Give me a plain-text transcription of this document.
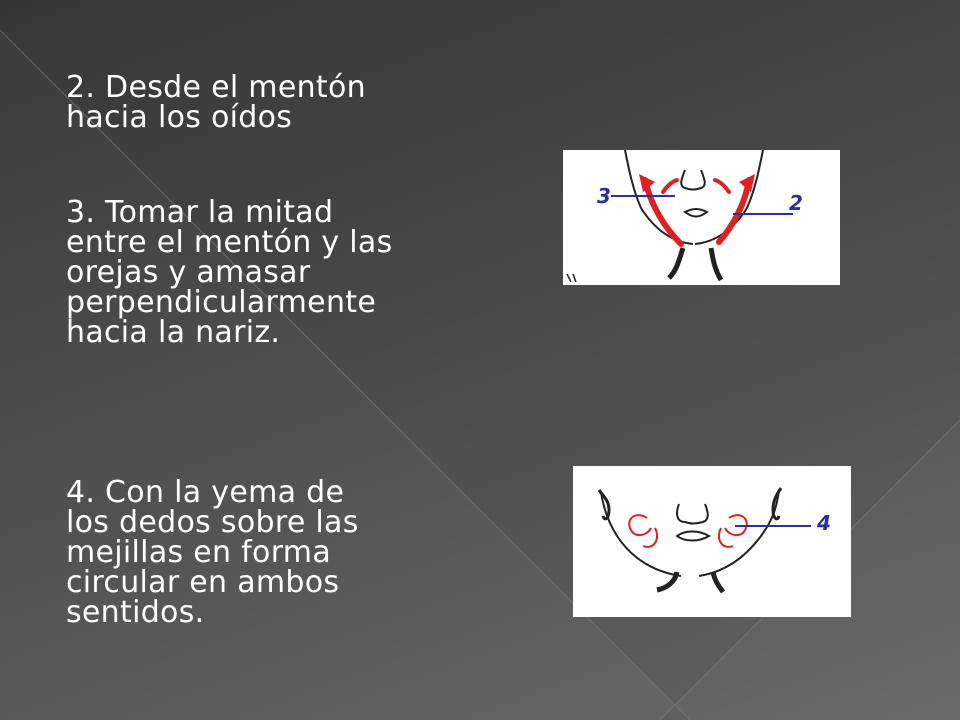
2. Desde el mentón
hacia los oídos

3. Tomar la mitad
entre el mentón y las
orejas y amasar
perpendicularmente
hacia la nariz.

4. Con la yema de
los dedos sobre las
mejillas en forma
circular en ambos
sentidos.

3	2
4
